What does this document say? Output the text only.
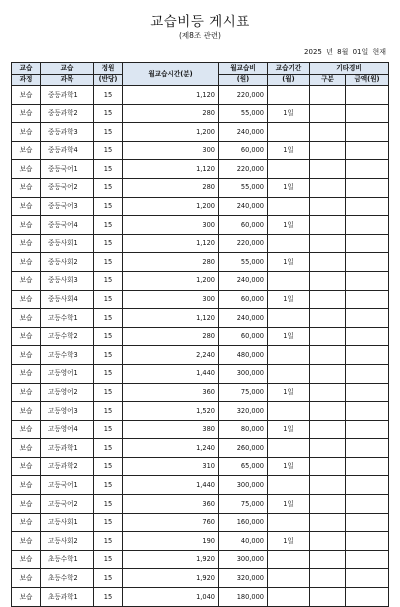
교습비등 게시표
(제8조 관련)
2025 년 8월 01일 현재
교습	교습	정원	월교습시간(분)	월교습비	교습기간	기타경비	
과정	과목	(반당)		(원)	(월)	구분	금액(원)
보습	중등과학1	15	1,120	220,000			
보습	중등과학2	15	280	55,000	1일		
보습	중등과학3	15	1,200	240,000			
보습	중등과학4	15	300	60,000	1일		
보습	중등국어1	15	1,120	220,000			
보습	중등국어2	15	280	55,000	1일		
보습	중등국어3	15	1,200	240,000			
보습	중등국어4	15	300	60,000	1일		
보습	중등사회1	15	1,120	220,000			
보습	중등사회2	15	280	55,000	1일		
보습	중등사회3	15	1,200	240,000			
보습	중등사회4	15	300	60,000	1일		
보습	고등수학1	15	1,120	240,000			
보습	고등수학2	15	280	60,000	1일		
보습	고등수학3	15	2,240	480,000			
보습	고등영어1	15	1,440	300,000			
보습	고등영어2	15	360	75,000	1일		
보습	고등영어3	15	1,520	320,000			
보습	고등영어4	15	380	80,000	1일		
보습	고등과학1	15	1,240	260,000			
보습	고등과학2	15	310	65,000	1일		
보습	고등국어1	15	1,440	300,000			
보습	고등국어2	15	360	75,000	1일		
보습	고등사회1	15	760	160,000			
보습	고등사회2	15	190	40,000	1일		
보습	초등수학1	15	1,920	300,000			
보습	초등수학2	15	1,920	320,000			
보습	초등과학1	15	1,040	180,000			
